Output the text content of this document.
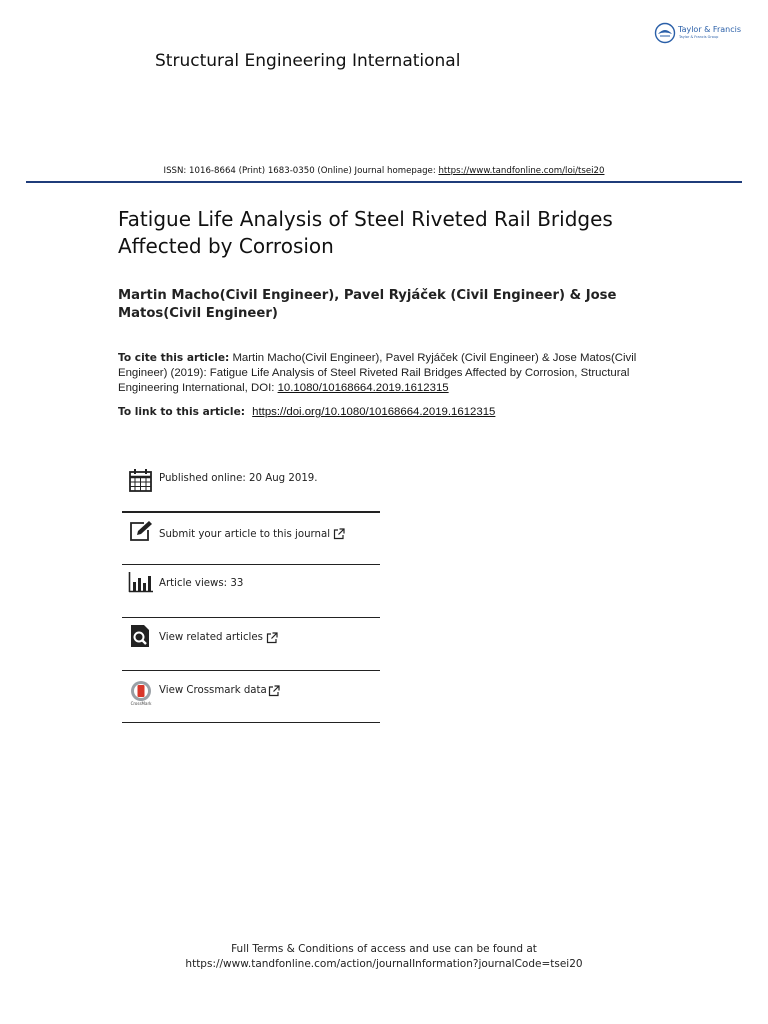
Taylor & Francis
Taylor & Francis Group
Structural Engineering International
ISSN: 1016-8664 (Print) 1683-0350 (Online) Journal homepage: https://www.tandfonline.com/loi/tsei20
Fatigue Life Analysis of Steel Riveted Rail Bridges Affected by Corrosion
Martin Macho(Civil Engineer), Pavel Ryjáček (Civil Engineer) & Jose Matos(Civil Engineer)
To cite this article: Martin Macho(Civil Engineer), Pavel Ryjáček (Civil Engineer) & Jose Matos(Civil Engineer) (2019): Fatigue Life Analysis of Steel Riveted Rail Bridges Affected by Corrosion, Structural Engineering International, DOI: 10.1080/10168664.2019.1612315
To link to this article: https://doi.org/10.1080/10168664.2019.1612315
Published online: 20 Aug 2019.
Submit your article to this journal
Article views: 33
View related articles
CrossMark
View Crossmark data
Full Terms & Conditions of access and use can be found at
https://www.tandfonline.com/action/journalInformation?journalCode=tsei20
